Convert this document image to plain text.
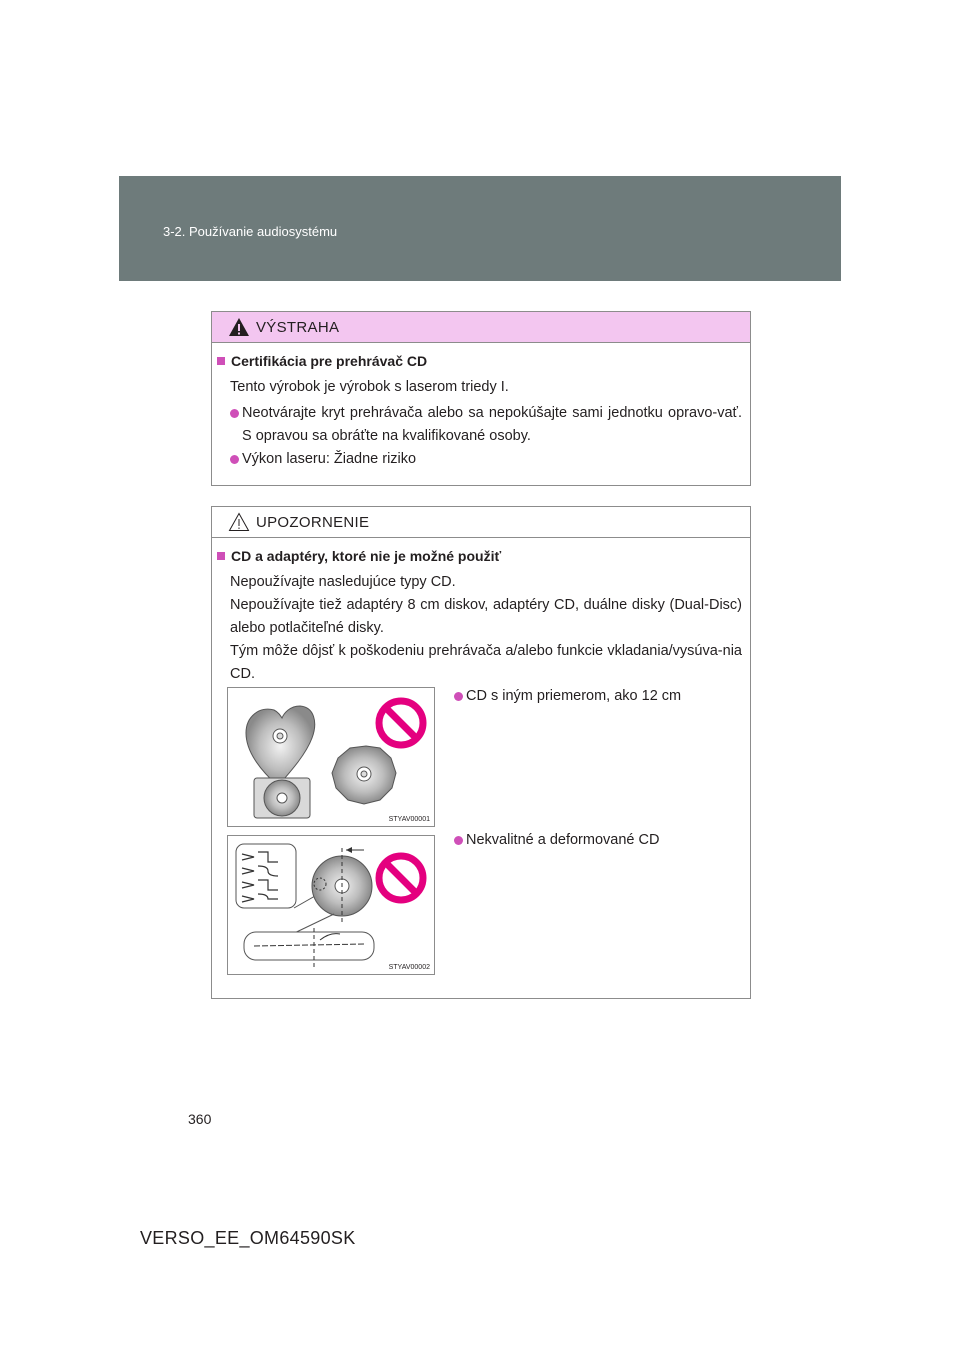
3-2. Používanie audiosystému
VÝSTRAHA
Certifikácia pre prehrávač CD
Tento výrobok je výrobok s laserom triedy I.
Neotvárajte kryt prehrávača alebo sa nepokúšajte sami jednotku opravo-vať. S opravou sa obráťte na kvalifikované osoby.
Výkon laseru: Žiadne riziko
UPOZORNENIE
CD a adaptéry, ktoré nie je možné použiť
Nepoužívajte nasledujúce typy CD.
Nepoužívajte tiež adaptéry 8 cm diskov, adaptéry CD, duálne disky (Dual-Disc) alebo potlačiteľné disky.
Tým môže dôjsť k poškodeniu prehrávača a/alebo funkcie vkladania/vysúva-nia CD.
STYAV00001
CD s iným priemerom, ako 12 cm
STYAV00002
Nekvalitné a deformované CD
360
VERSO_EE_OM64590SK
